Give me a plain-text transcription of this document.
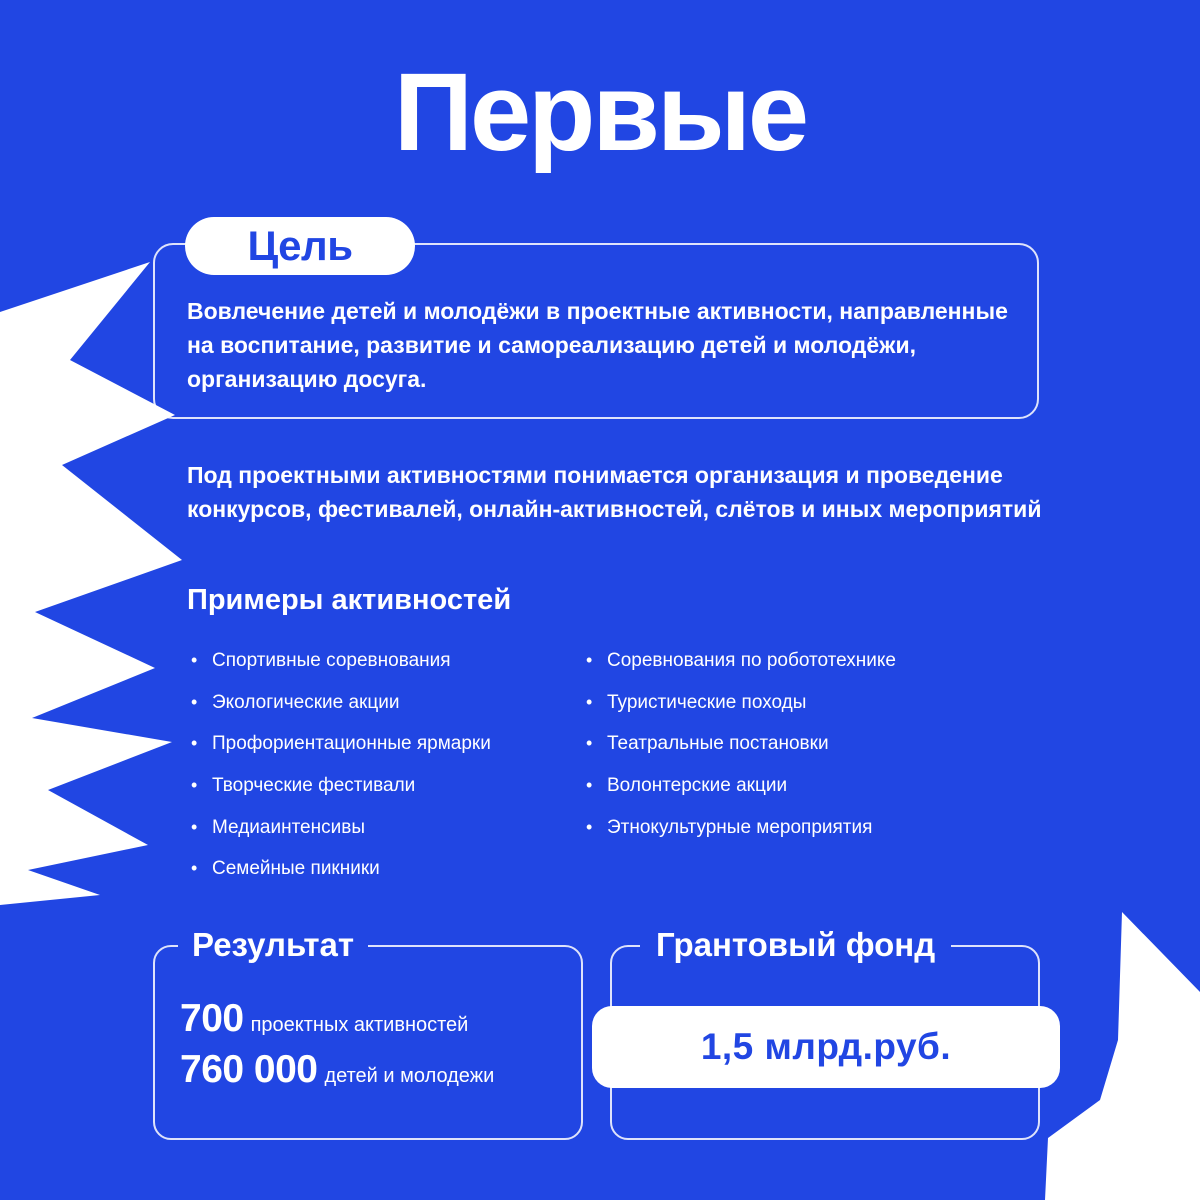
Первые
Цель
Вовлечение детей и молодёжи в проектные активности, направленные на воспитание, развитие и самореализацию детей и молодёжи, организацию досуга.
Под проектными активностями понимается организация и проведение конкурсов, фестивалей, онлайн-активностей, слётов и иных мероприятий
Примеры активностей
• Спортивные соревнования
• Экологические акции
• Профориентационные ярмарки
• Творческие фестивали
• Медиаинтенсивы
• Семейные пикники
• Соревнования по робототехнике
• Туристические походы
• Театральные постановки
• Волонтерские акции
• Этнокультурные мероприятия
Результат
700 проектных активностей
760 000 детей и молодежи
Грантовый фонд
1,5 млрд.руб.
